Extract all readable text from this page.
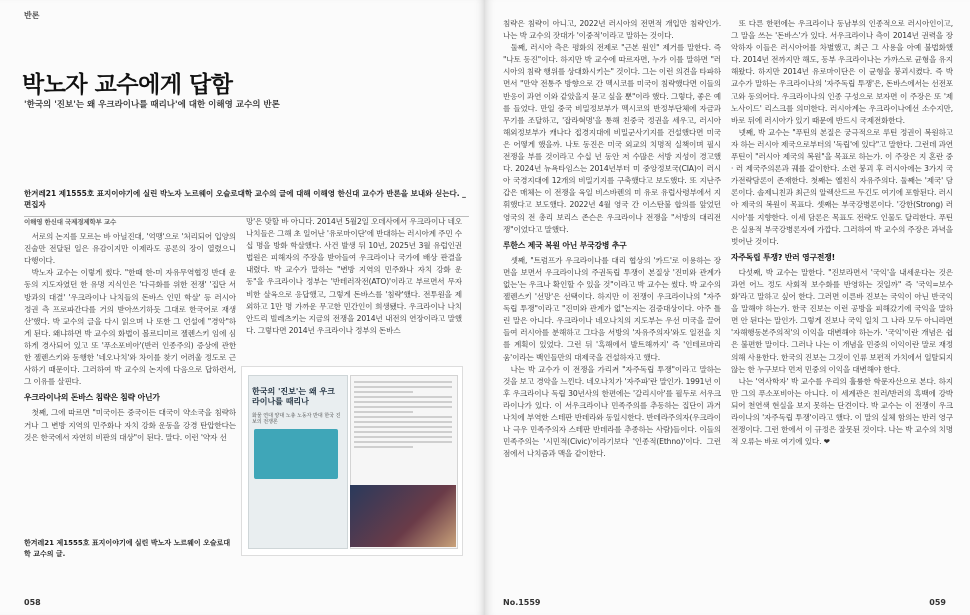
반론
박노자 교수에게 답함
'한국의 '진보'는 왜 우크라이나를 때리나'에 대한 이해영 교수의 반론
한겨레21 제1555호 표지이야기에 실린 박노자 노르웨이 오슬로대학 교수의 글에 대해 이해영 한신대 교수가 반론을 보내와 싣는다. _편집자
이해영 한신대 국제경제학부 교수

서로의 논지를 모르는 바 아닐진대, '억맹'으로 '처리되어 입양의 진술만 전달된 일은 유감이지만 이제라도 공론의 장이 열렸으니 다행이다.

박노자 교수는 이렇게 썼다. "한때 한-미 자유무역협정 반대 운동의 지도자였던 한 유명 지식인은 '다극화를 위한 전쟁' '집단 서방과의 대결' '우크라이나 나치들의 돈바스 인민 학살' 등 러시아 정권 측 프로파간다를 거의 받아쓰기하듯 그대로 한국어로 재생산'했다. 박 교수의 글을 다시 읽으며 나 또한 그 언설에 "경악"하게 된다. 왜냐하면 박 교수의 화법이 볼르디미르 젤렌스키 임에 심하게 경사되어 있고 또 '푸소포비아'(반러 인종주의) 증상에 관한 한 젤렌스키와 동행한 '네오나치'와 차이를 찾기 어려울 정도로 근사하기 때문이다. 그러하여 박 교수의 논지에 다음으로 답하련서, 그 이유를 살핀다.

우크라이나의 돈바스 침략은 침략 아닌가

첫째, 그에 따르면 "미국이든 중국이든 대국이 약소국을 침략하거나 그 변방 지역의 민주화나 자치 강화 운동을 강경 탄압한다는 것은 한국에서 자연히 비판의 대상"이 된다. 말다. 이런 '약자 선

한겨레21 제1555호 표지이야기에 실린 박노자 노르웨이 오슬로대학 교수의 글.

망'은 맞할 바 아니다. 2014년 5월2일 오데사에서 우크라이나 네오나치들은 그해 초 일어난 '유로마이단'에 반대하는 러시아계 주민 수십 명을 방화 학살했다. 사건 발생 뒤 10년, 2025년 3월 유럽인권법원은 피해자의 주장을 받아들여 우크라이나 국가에 배상 판결을 내렸다. 박 교수가 말하는 "변방 지역의 민주화나 자치 강화 운동"을 우크라이나 정부는 '반테러작전(ATO)'이라고 부르면서 무자비한 살육으로 응답했고, 그렇게 돈바스를 '침략'했다. 전투원을 제외하고 1만 명 가까운 무고한 민간인이 희생됐다. 우크라이나 나치 안드리 빌레츠키는 지금의 전쟁을 2014년 내전의 연장이라고 말했다. 그렇다면 2014년 우크라이나 정부의 돈바스

한국의 '진보'는 왜 우크라이나를 때리나
화물 연대 양대 노총 노동자 반대 한국 진보의 전쟁론
058

침략은 침략이 아니고, 2022년 러시아의 전면적 개입만 침략인가. 나는 박 교수의 잣대가 '이중적'이라고 말하는 것이다.

둘째, 러시아 측은 평화의 전제로 "근본 원인" 제거를 말한다. 즉 "나토 동진"이다. 하지만 박 교수에 따르자면, 누가 이를 말하면 "러시아의 침략 행위를 상대화시키는" 것이다. 그는 이런 의견을 타파하면서 "만약 전통주 방향으로 간 멕시코를 미국이 침략했다면 이들의 반응이 과연 이와 같았을지 묻고 싶을 뿐"이라 했다. 그렇다, 좋은 예를 들었다. 만일 중국 비밀정보부가 멕시코의 반정부단체에 자금과 무기를 조달하고, '잡라혁명'을 통해 친중국 정권을 세우고, 러시아 해외정보부가 캐나다 접경지대에 비밀군사기지를 건설했다면 미국은 어떻게 했을까. 나토 동진은 미국 외교의 치명적 실책이며 필시 전쟁을 부를 것이라고 수십 년 동안 저 수많은 서방 지성이 경고했다. 2024년 뉴욕타임스는 2014년부터 미 중앙정보국(CIA)이 러시아 국경지대에 12개의 비밀기지를 구축했다고 보도했다. 또 지난주 갑은 매체는 이 전쟁을 육일 비스바렌의 미 유로 유럽사령부에서 지휘했다고 보도했다. 2022년 4월 영국 간 이스탄불 합의를 앞었던 영국의 전 총리 보리스 존슨은 우크라이나 전쟁을 "서방의 대리전쟁"이었다고 말했다.

루한스 제국 복원 아닌 부국강병 추구

셋째, "트럼프가 우크라이나를 대리 협상의 '카드'로 이용하는 장면을 보면서 우크라이나의 주권독립 투쟁이 본질상 '진미와 관계가 없는'는 우크나 확인할 수 있을 것"이라고 박 교수는 썼다. 박 교수의 젤렌스키 '선망'은 선택이다. 하지만 이 전쟁이 우크라이나의 "자주독립 투쟁"이라고 "진미와 관계가 없"는지는 검증대상이다. 아주 틀린 말은 아니다. 우크라이나 네오나치의 지도부는 우선 미국을 끌어들여 러시아를 분해하고 그다음 서방의 '자유주의자'와도 일전을 치를 계획이 있었다. 그런 뒤 '흑해에서 발트해까지' 즉 '인테르마리움'이라는 백인들만의 대제국을 건설하자고 했다.

나는 박 교수가 이 전쟁을 가리켜 "자주독립 투쟁"이라고 말하는 것을 보고 경악을 느낀다. 네오나치가 '자주파'란 말인가. 1991년 이후 우크라이나 독립 30년사의 한편에는 '갈리시아'를 필두로 서우크라이나가 있다. 이 서우크라이나 민족주의를 추동하는 집단이 과거 나치에 부역한 스테판 반데라와 동일시한다. 반데라주의자(우크라이나 극우 민족주의자 스테판 반데라를 추종하는 사람)들이다. 이들의 민족주의는 '시민적(Civic)'이라기보다 '인종적(Ethno)'이다. 그런 점에서 나치즘과 맥을 같이한다.

또 다른 한편에는 우크라이나 동남부의 인종적으로 러시아인이고, 그 말을 쓰는 '돈바스'가 있다. 서우크라이나 측이 2014년 권력을 장악하자 이들은 러시아어를 차별했고, 최근 그 사용을 아예 불법화했다. 2014년 전까지만 해도, 동부 우크라이나는 가까스로 균형을 유지해왔다. 하지만 2014년 유로마이단은 이 균형을 붕괴시켰다. 즉 박 교수가 말하는 우크라이나의 '자주독립 투쟁'은, 돈바스에서는 선전포고와 동의어다. 우크라이나의 인종 구성으로 보자면 이 주장은 또 '제노사이드' 리스크를 의미한다. 러시아계는 우크라이나에선 소수지만, 바로 뒤에 러시아가 있기 때문에 반드시 국제전화한다.

넷째, 박 교수는 "푸틴의 본질은 궁극적으로 루틴 정권이 복원하고자 하는 러시아 제국으로부터의 '독립'에 있다"고 말한다. 그런데 과연 푸틴이 "러시아 제국의 복원"을 목표로 하는가. 이 주장은 지 혼란 중 · 러 제국주의론과 궤를 같이한다. 소련 붕괴 후 러시아에는 3가지 국가전략담론이 존재한다. 첫째는 옐친식 자유주의다. 둘째는 '제국' 담론이다. 솔제니친과 최근의 알렉산드르 두긴도 여기에 포함된다. 러시아 제국의 복원이 목표다. 셋째는 부국강병론이다. '강한(Strong) 러시아'를 지향한다. 이세 담론은 목표도 전략도 인물도 달리한다. 푸틴은 실용적 부국강병론자에 가깝다. 그러하여 박 교수의 주장은 과녁을 벗어난 것이다.

자주독립 투쟁? 반러 영구전쟁!

다섯째, 박 교수는 말한다. "진보라면서 '국익'을 내세운다는 것은 과연 어느 정도 사회적 보수화를 반영하는 것일까" 즉 '국익=보수화'라고 말하고 싶어 한다. 그러면 이른바 진보는 국익이 아닌 반국익을 말해야 하는가. 한국 진보는 이런 공방을 피해갔기에 국익을 말하면 안 된다는 말인가. 그렇게 진보나 국익 일치 그 나라 모두 아니라면 '자해행동본주의적'의 이익을 대변해야 하는가. '국익'이란 개념은 쉽은 불편한 말이다. 그러나 나는 이 개념을 민중의 이익이란 말로 재정의해 사용한다. 한국의 진보는 그것이 인류 보편적 가치에서 일탈되지 않는 한 누구보다 먼저 민중의 이익을 대변해야 한다.

나는 '역사학자' 박 교수를 우리의 훌륭한 학문자산으로 본다. 하지만 그의 푸소포비아는 아니다. 이 세계관은 친러/반러의 흑백에 강박되어 천연색 현실을 보지 못하는 단견이다. 박 교수는 이 전쟁이 우크라이나의 '자주독립 투쟁'이라고 했다. 이 말의 실체 함의는 반러 영구전쟁이다. 그런 한에서 이 규정은 잘못된 것이다. 나는 박 교수의 치명적 오류는 바로 여기에 있다. ❤

No.1559	059
